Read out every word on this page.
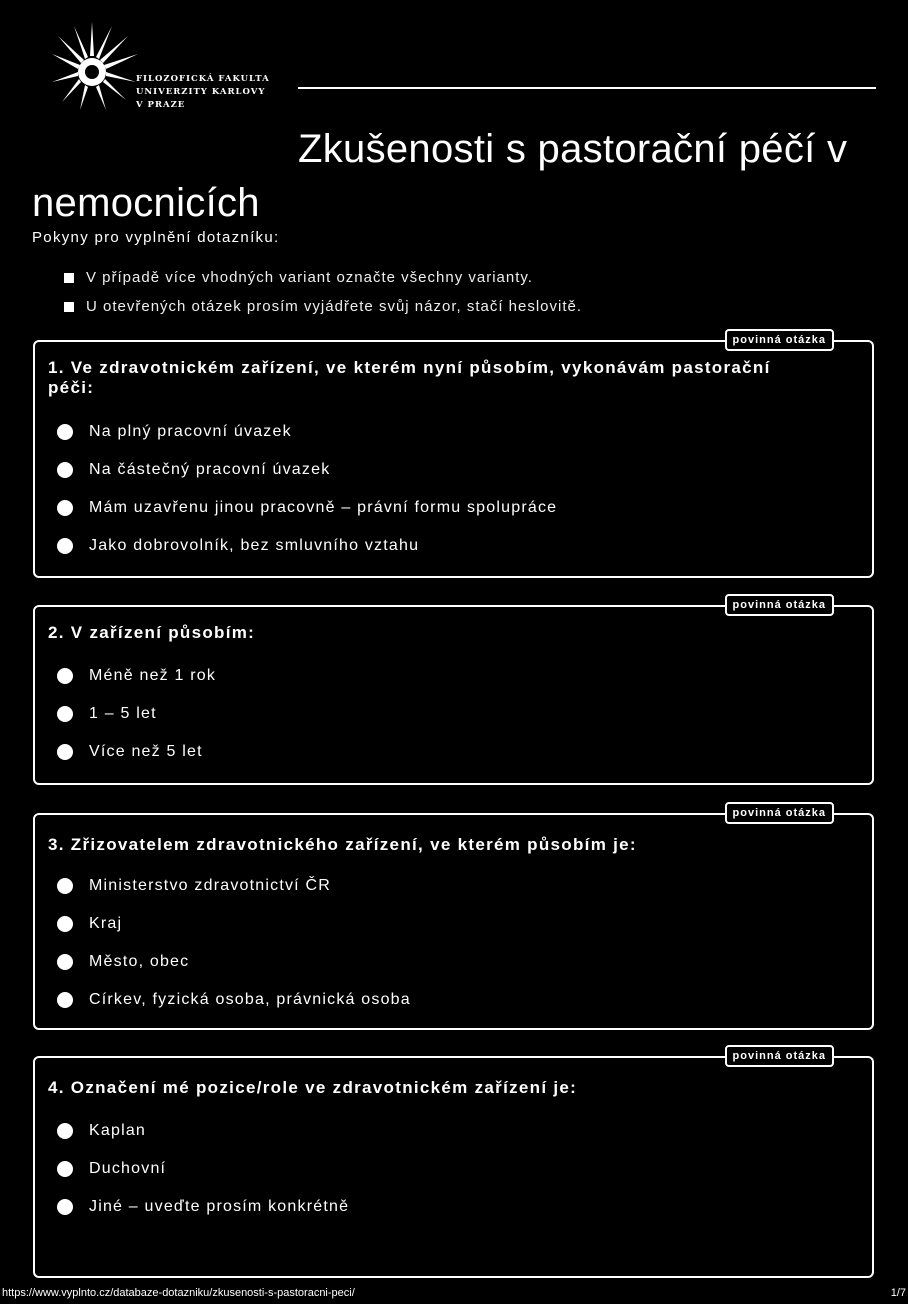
FILOZOFICKÁ FAKULTA
UNIVERZITY KARLOVY
V PRAZE
Zkušenosti s pastorační péčí v nemocnicích
Pokyny pro vyplnění dotazníku:
V případě více vhodných variant označte všechny varianty.
U otevřených otázek prosím vyjádřete svůj názor, stačí heslovitě.
povinná otázka

1. Ve zdravotnickém zařízení, ve kterém nyní působím, vykonávám pastorační péči:

Na plný pracovní úvazek
Na částečný pracovní úvazek
Mám uzavřenu jinou pracovně – právní formu spolupráce
Jako dobrovolník, bez smluvního vztahu
povinná otázka

2. V zařízení působím:

Méně než 1 rok
1 – 5 let
Více než 5 let
povinná otázka

3. Zřizovatelem zdravotnického zařízení, ve kterém působím je:

Ministerstvo zdravotnictví ČR
Kraj
Město, obec
Církev, fyzická osoba, právnická osoba
povinná otázka

4. Označení mé pozice/role ve zdravotnickém zařízení je:

Kaplan
Duchovní
Jiné – uveďte prosím konkrétně
https://www.vyplnto.cz/databaze-dotazniku/zkusenosti-s-pastoracni-peci/	1/7
